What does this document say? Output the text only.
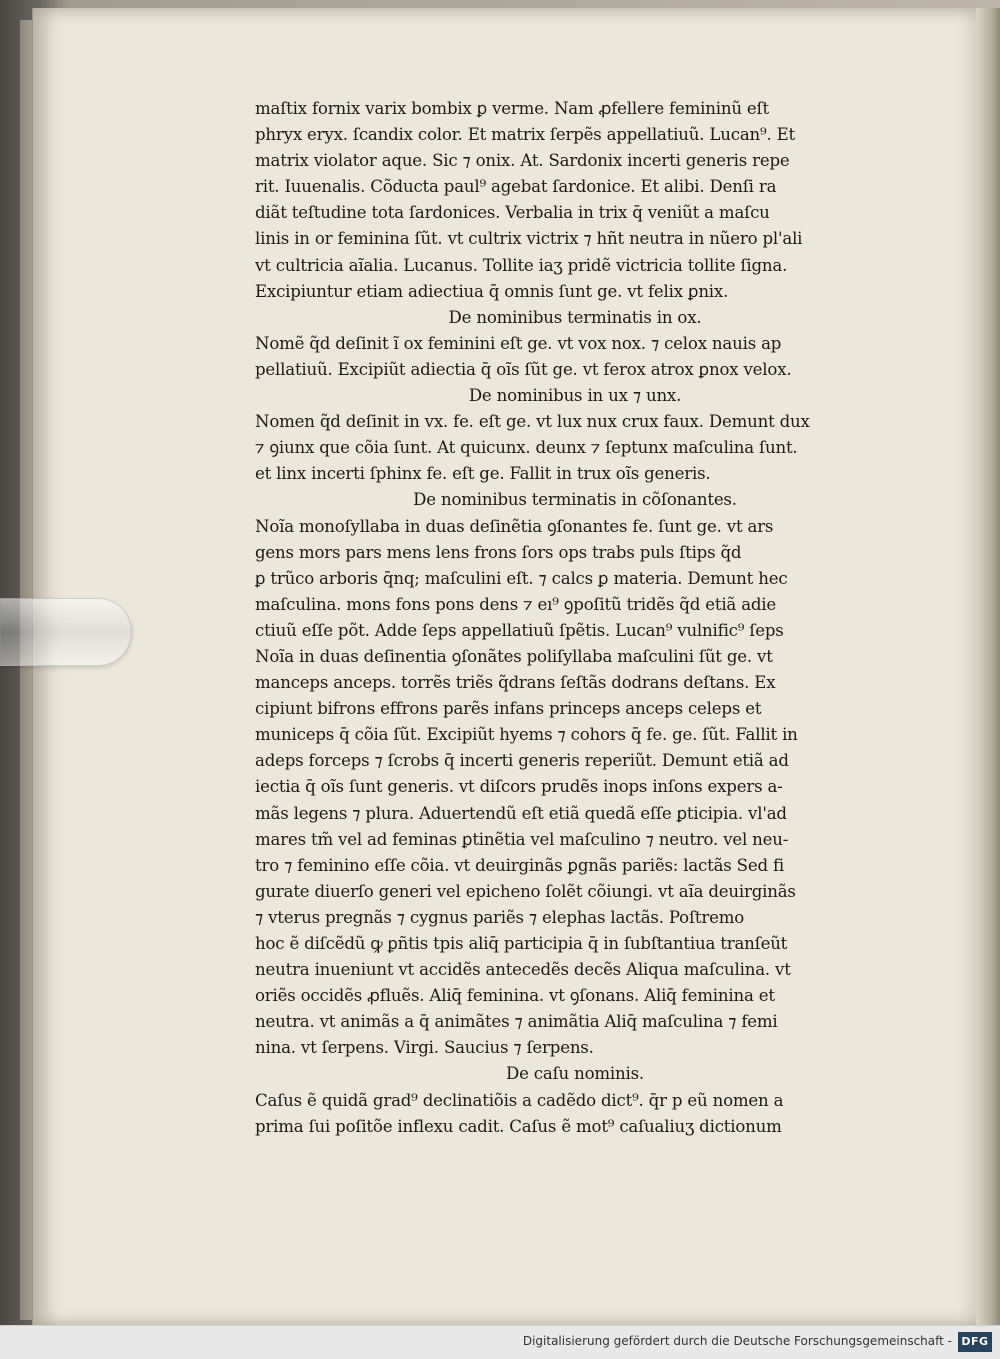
maſtix fornix varix bombix ꝑ verme. Nam ꝓfellere femininũ eſt
phryx eryx. ſcandix color. Et matrix ſerpẽs appellatiuũ. Lucan⁹. Et
matrix violator aque. Sic ⁊ onix. At. Sardonix incerti generis repe
rit. Iuuenalis. Cõducta paul⁹ agebat ſardonice. Et alibi. Denſi ra
diãt teſtudine tota ſardonices. Verbalia in trix q̄ veniũt a maſcu
linis in or feminina ſũt. vt cultrix victrix ⁊ hñt neutra in nũero pl'ali
vt cultricia aĩalia. Lucanus. Tollite iaʒ pridẽ victricia tollite ſigna.
Excipiuntur etiam adiectiua q̄ omnis ſunt ge. vt felix ꝑnix.
De nominibus terminatis in ox.
Nomẽ q̃d deſinit ĩ ox feminini eſt ge. vt vox nox. ⁊ celox nauis ap
pellatiuũ. Excipiũt adiectia q̄ oĩs ſũt ge. vt ferox atrox ꝑnox velox.
De nominibus in ux ⁊ unx.
Nomen q̃d deſinit in vx. fe. eſt ge. vt lux nux crux faux. Demunt dux
⁊ ꝯiunx que cõia ſunt. At quicunx. deunx ⁊ ſeptunx maſculina ſunt.
et linx incerti ſphinx fe. eſt ge. Fallit in trux oĩs generis.
De nominibus terminatis in cõſonantes.
Noĩa monoſyllaba in duas deſinẽtia ꝯſonantes fe. ſunt ge. vt ars
gens mors pars mens lens frons ſors ops trabs puls ſtips q̃d
ꝑ trũco arboris q̄nq; maſculini eſt. ⁊ calcs ꝑ materia. Demunt hec
maſculina. mons fons pons dens ⁊ eı⁹ ꝯpoſitũ tridẽs q̃d etiã adie
ctiuũ eſſe põt. Adde ſeps appellatiuũ ſpẽtis. Lucan⁹ vulnific⁹ ſeps
Noĩa in duas deſinentia ꝯſonãtes poliſyllaba maſculini ſũt ge. vt
manceps anceps. torrẽs triẽs q̃drans ſeſtãs dodrans deſtans. Ex
cipiunt bifrons effrons parẽs infans princeps anceps celeps et
municeps q̄ cõia ſũt. Excipiũt hyems ⁊ cohors q̄ fe. ge. ſũt. Fallit in
adeps forceps ⁊ ſcrobs q̄ incerti generis reperiũt. Demunt etiã ad
iectia q̄ oĩs ſunt generis. vt diſcors prudẽs inops inſons expers a-
mãs legens ⁊ plura. Aduertendũ eſt etiã quedã eſſe ꝑticipia. vl'ad
mares tm̃ vel ad feminas ꝑtinẽtia vel maſculino ⁊ neutro. vel neu-
tro ⁊ feminino eſſe cõia. vt deuirginãs ꝑgnãs pariẽs: lactãs Sed fi
gurate diuerſo generi vel epicheno ſolẽt cõiungi. vt aĩa deuirginãs
⁊ vterus pregnãs ⁊ cygnus pariẽs ⁊ elephas lactãs. Poſtremo
hoc ẽ diſcẽdũ ꝙ ꝑñtis tpis aliq̄ participia q̄ in ſubſtantiua tranſeũt
neutra inueniunt vt accidẽs antecedẽs decẽs Aliqua maſculina. vt
oriẽs occidẽs ꝓfluẽs. Aliq̄ feminina. vt ꝯſonans. Aliq̄ feminina et
neutra. vt animãs a q̄ animãtes ⁊ animãtia Aliq̄ maſculina ⁊ femi
nina. vt ſerpens. Virgi. Saucius ⁊ ſerpens.
De caſu nominis.
Caſus ẽ quidã grad⁹ declinatiõis a cadẽdo dict⁹. q̄r p eũ nomen a
prima ſui poſitõe inflexu cadit. Caſus ẽ mot⁹ caſualiuʒ dictionum
Digitalisierung gefördert durch die Deutsche Forschungsgemeinschaft - DFG
